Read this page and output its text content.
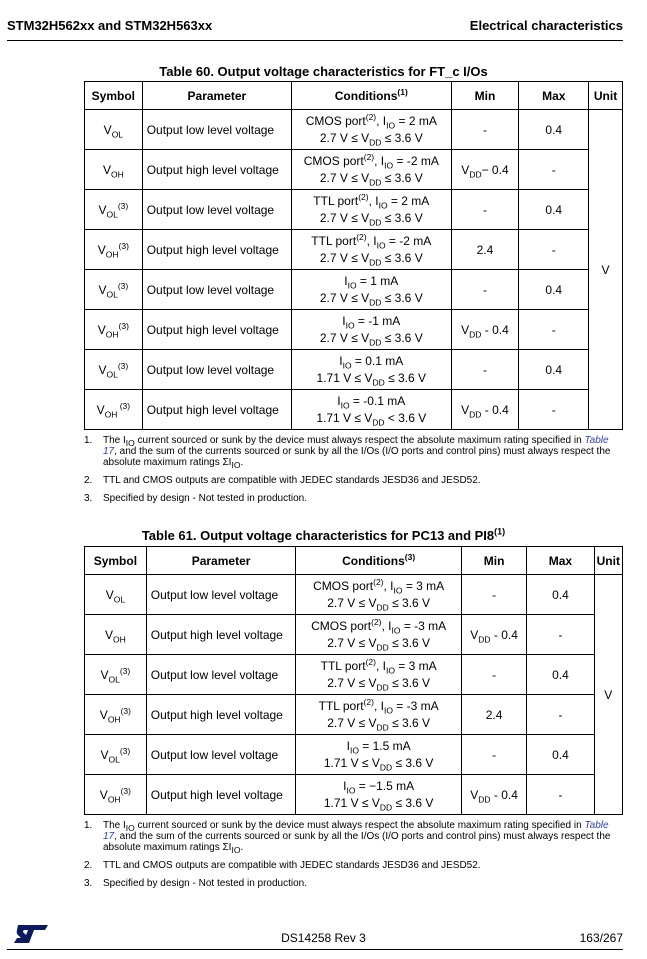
STM32H562xx and STM32H563xx	Electrical characteristics
Table 60. Output voltage characteristics for FT_c I/Os
Symbol	Parameter	Conditions$^{(1)}$	Min	Max	Unit
$V_{OL}$	Output low level voltage	CMOS port$^{(2)}$, $I_{IO} = 2$ mA
2.7 $V \le V_{DD} \le 3.6$ V	-	0.4	V
$V_{OH}$	Output high level voltage	CMOS port$^{(2)}$, $I_{IO} = -2$ mA
2.7 $V \le V_{DD} \le 3.6$ V	$V_{DD}- 0.4$	-	
$V_{OL}^{(3)}$	Output low level voltage	TTL port$^{(2)}$, $I_{IO} = 2$ mA
2.7 $V \le V_{DD} \le 3.6$ V	-	0.4	
$V_{OH}^{(3)}$	Output high level voltage	TTL port$^{(2)}$, $I_{IO} = -2$ mA
2.7 $V \le V_{DD} \le 3.6$ V	2.4	-	
$V_{OL}^{(3)}$	Output low level voltage	$I_{IO} = 1$ mA
2.7 $V \le V_{DD} \le 3.6$ V	-	0.4	
$V_{OH}^{(3)}$	Output high level voltage	$I_{IO} = -1$ mA
2.7 $V \le V_{DD} \le 3.6$ V	$V_{DD} - 0.4$	-	
$V_{OL}^{(3)}$	Output low level voltage	$I_{IO} = 0.1$ mA
1.71 $V \le V_{DD} \le 3.6$ V	-	0.4	
$V_{OH}$ $^{(3)}$	Output high level voltage	$I_{IO} = -0.1$ mA
1.71 $V \le V_{DD} < 3.6$ V	$V_{DD} - 0.4$	-	
1. The $I_{IO}$ current sourced or sunk by the device must always respect the absolute maximum rating specified in Table 17, and the sum of the currents sourced or sunk by all the I/Os (I/O ports and control pins) must always respect the absolute maximum ratings $\Sigma I_{IO}$.
2. TTL and CMOS outputs are compatible with JEDEC standards JESD36 and JESD52.
3. Specified by design - Not tested in production.
Table 61. Output voltage characteristics for PC13 and PI8$^{(1)}$
Symbol	Parameter	Conditions$^{(3)}$	Min	Max	Unit
$V_{OL}$	Output low level voltage	CMOS port$^{(2)}$, $I_{IO} = 3$ mA
2.7 $V \le V_{DD} \le 3.6$ V	-	0.4	V
$V_{OH}$	Output high level voltage	CMOS port$^{(2)}$, $I_{IO} = -3$ mA
2.7 $V \le V_{DD} \le 3.6$ V	$V_{DD} - 0.4$	-	
$V_{OL}^{(3)}$	Output low level voltage	TTL port$^{(2)}$, $I_{IO} = 3$ mA
2.7 $V \le V_{DD} \le 3.6$ V	-	0.4	
$V_{OH}^{(3)}$	Output high level voltage	TTL port$^{(2)}$, $I_{IO} = -3$ mA
2.7 $V \le V_{DD} \le 3.6$ V	2.4	-	
$V_{OL}^{(3)}$	Output low level voltage	$I_{IO} = 1.5$ mA
1.71 $V \le V_{DD} \le 3.6$ V	-	0.4	
$V_{OH}^{(3)}$	Output high level voltage	$I_{IO} = -1.5$ mA
1.71 $V \le V_{DD} \le 3.6$ V	$V_{DD} - 0.4$	-	
1. The $I_{IO}$ current sourced or sunk by the device must always respect the absolute maximum rating specified in Table 17, and the sum of the currents sourced or sunk by all the I/Os (I/O ports and control pins) must always respect the absolute maximum ratings $\Sigma I_{IO}$.
2. TTL and CMOS outputs are compatible with JEDEC standards JESD36 and JESD52.
3. Specified by design - Not tested in production.
DS14258 Rev 3	163/267
